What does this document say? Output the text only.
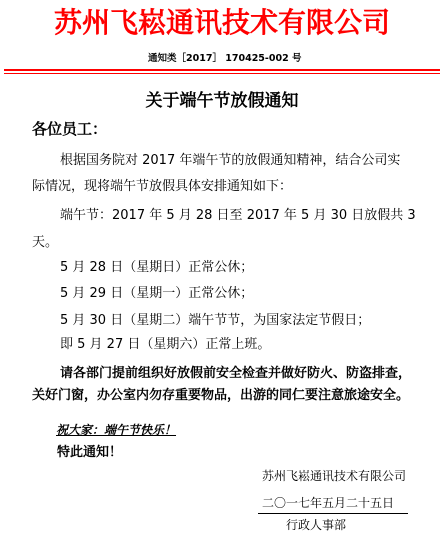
苏州飞崧通讯技术有限公司
通知类［2017］ 170425-002 号
关于端午节放假通知
各位员工：
根据国务院对 2017 年端午节的放假通知精神，结合公司实
际情况，现将端午节放假具体安排通知如下：
端午节：2017 年 5 月 28 日至 2017 年 5 月 30 日放假共 3
天。
5 月 28 日（星期日）正常公休；
5 月 29 日（星期一）正常公休；
5 月 30 日（星期二）端午节节，为国家法定节假日；
即 5 月 27 日（星期六）正常上班。
请各部门提前组织好放假前安全检查并做好防火、防盗排查，
关好门窗，办公室内勿存重要物品，出游的同仁要注意旅途安全。
祝大家：端午节快乐！
特此通知！
苏州飞崧通讯技术有限公司
二〇一七年五月二十五日
行政人事部
